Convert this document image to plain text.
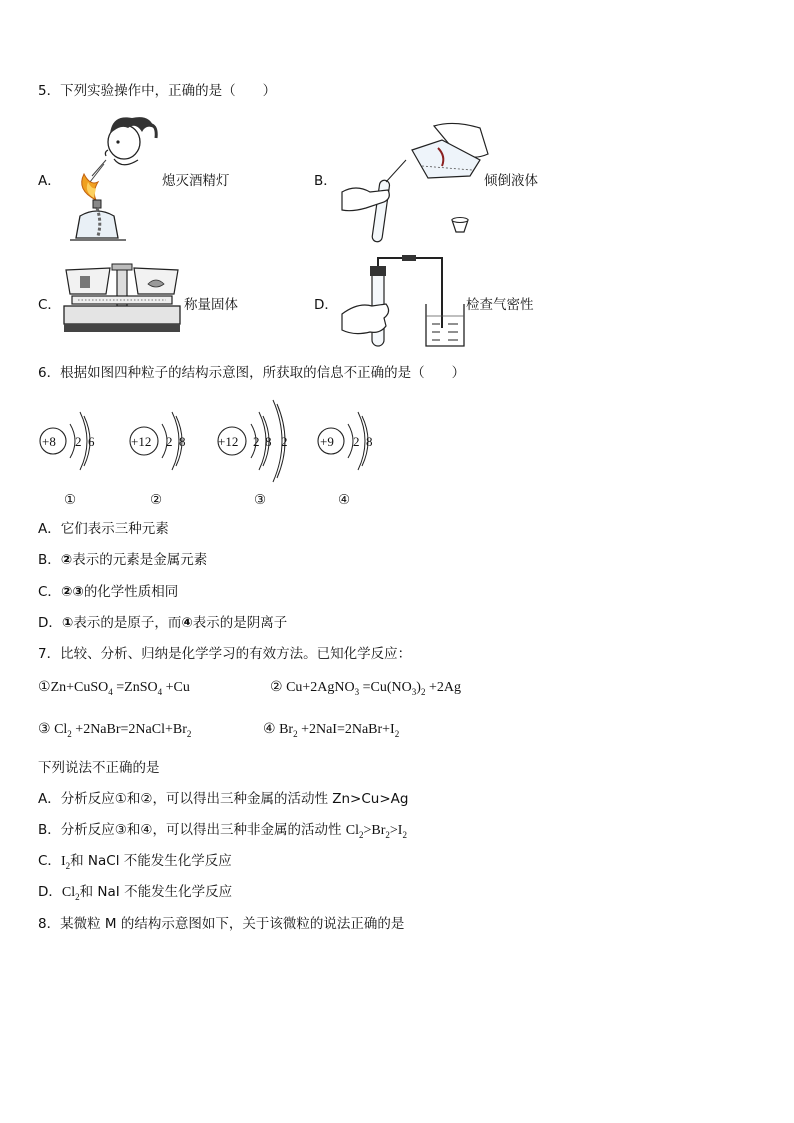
5．下列实验操作中，正确的是（　　）
A．	熄灭酒精灯	B．	倾倒液体
C．	称量固体	D．	检查气密性
6．根据如图四种粒子的结构示意图，所获取的信息不正确的是（　　）
+8 2 6
①
+12 2 8
②
+12 2 8 2
③
+9 2 8
④
A．它们表示三种元素
B．②表示的元素是金属元素
C．②③的化学性质相同
D．①表示的是原子，而④表示的是阴离子
7．比较、分析、归纳是化学学习的有效方法。已知化学反应：
①Zn+CuSO$_4$ =ZnSO$_4$ +Cu	② Cu+2AgNO$_3$ $=Cu(NO_3)_2 +2Ag$
③ $Cl_2$ $+2NaBr=2NaCl+Br_2$	④ $Br_2$ $+2NaI=2NaBr+I_2$
下列说法不正确的是
A．分析反应①和②，可以得出三种金属的活动性 Zn>Cu>Ag
B．分析反应③和④，可以得出三种非金属的活动性 $Cl_2>Br_2>I_2$
C．$I_2$和 NaCl 不能发生化学反应
D．$Cl_2$和 NaI 不能发生化学反应
8．某微粒 M 的结构示意图如下，关于该微粒的说法正确的是
